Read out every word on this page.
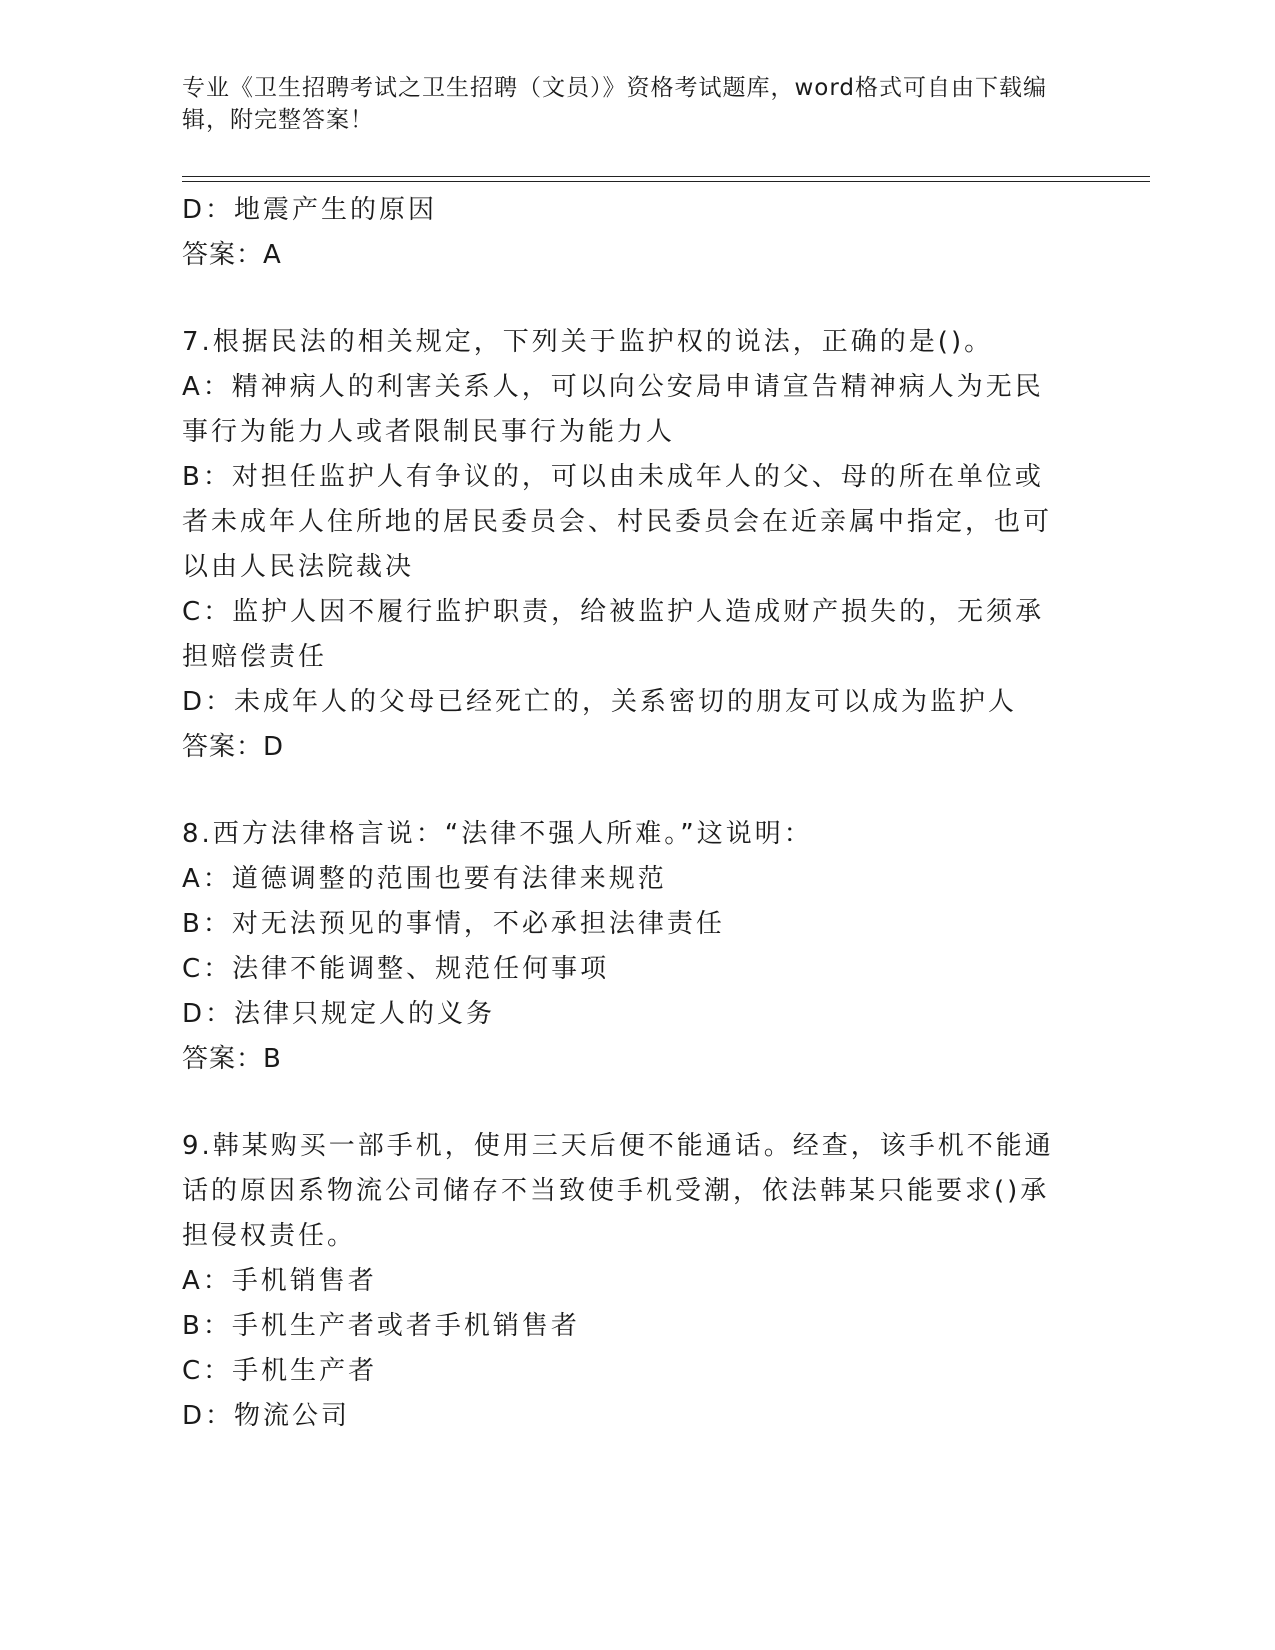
专业《卫生招聘考试之卫生招聘（文员）》资格考试题库，word格式可自由下载编辑，附完整答案！

D：地震产生的原因

答案：A

7.根据民法的相关规定，下列关于监护权的说法，正确的是()。

A：精神病人的利害关系人，可以向公安局申请宣告精神病人为无民事行为能力人或者限制民事行为能力人

B：对担任监护人有争议的，可以由未成年人的父、母的所在单位或者未成年人住所地的居民委员会、村民委员会在近亲属中指定，也可以由人民法院裁决

C：监护人因不履行监护职责，给被监护人造成财产损失的，无须承担赔偿责任

D：未成年人的父母已经死亡的，关系密切的朋友可以成为监护人

答案：D

8.西方法律格言说：“法律不强人所难。”这说明：

A：道德调整的范围也要有法律来规范

B：对无法预见的事情，不必承担法律责任

C：法律不能调整、规范任何事项

D：法律只规定人的义务

答案：B

9.韩某购买一部手机，使用三天后便不能通话。经查，该手机不能通话的原因系物流公司储存不当致使手机受潮，依法韩某只能要求()承担侵权责任。

A：手机销售者

B：手机生产者或者手机销售者

C：手机生产者

D：物流公司
